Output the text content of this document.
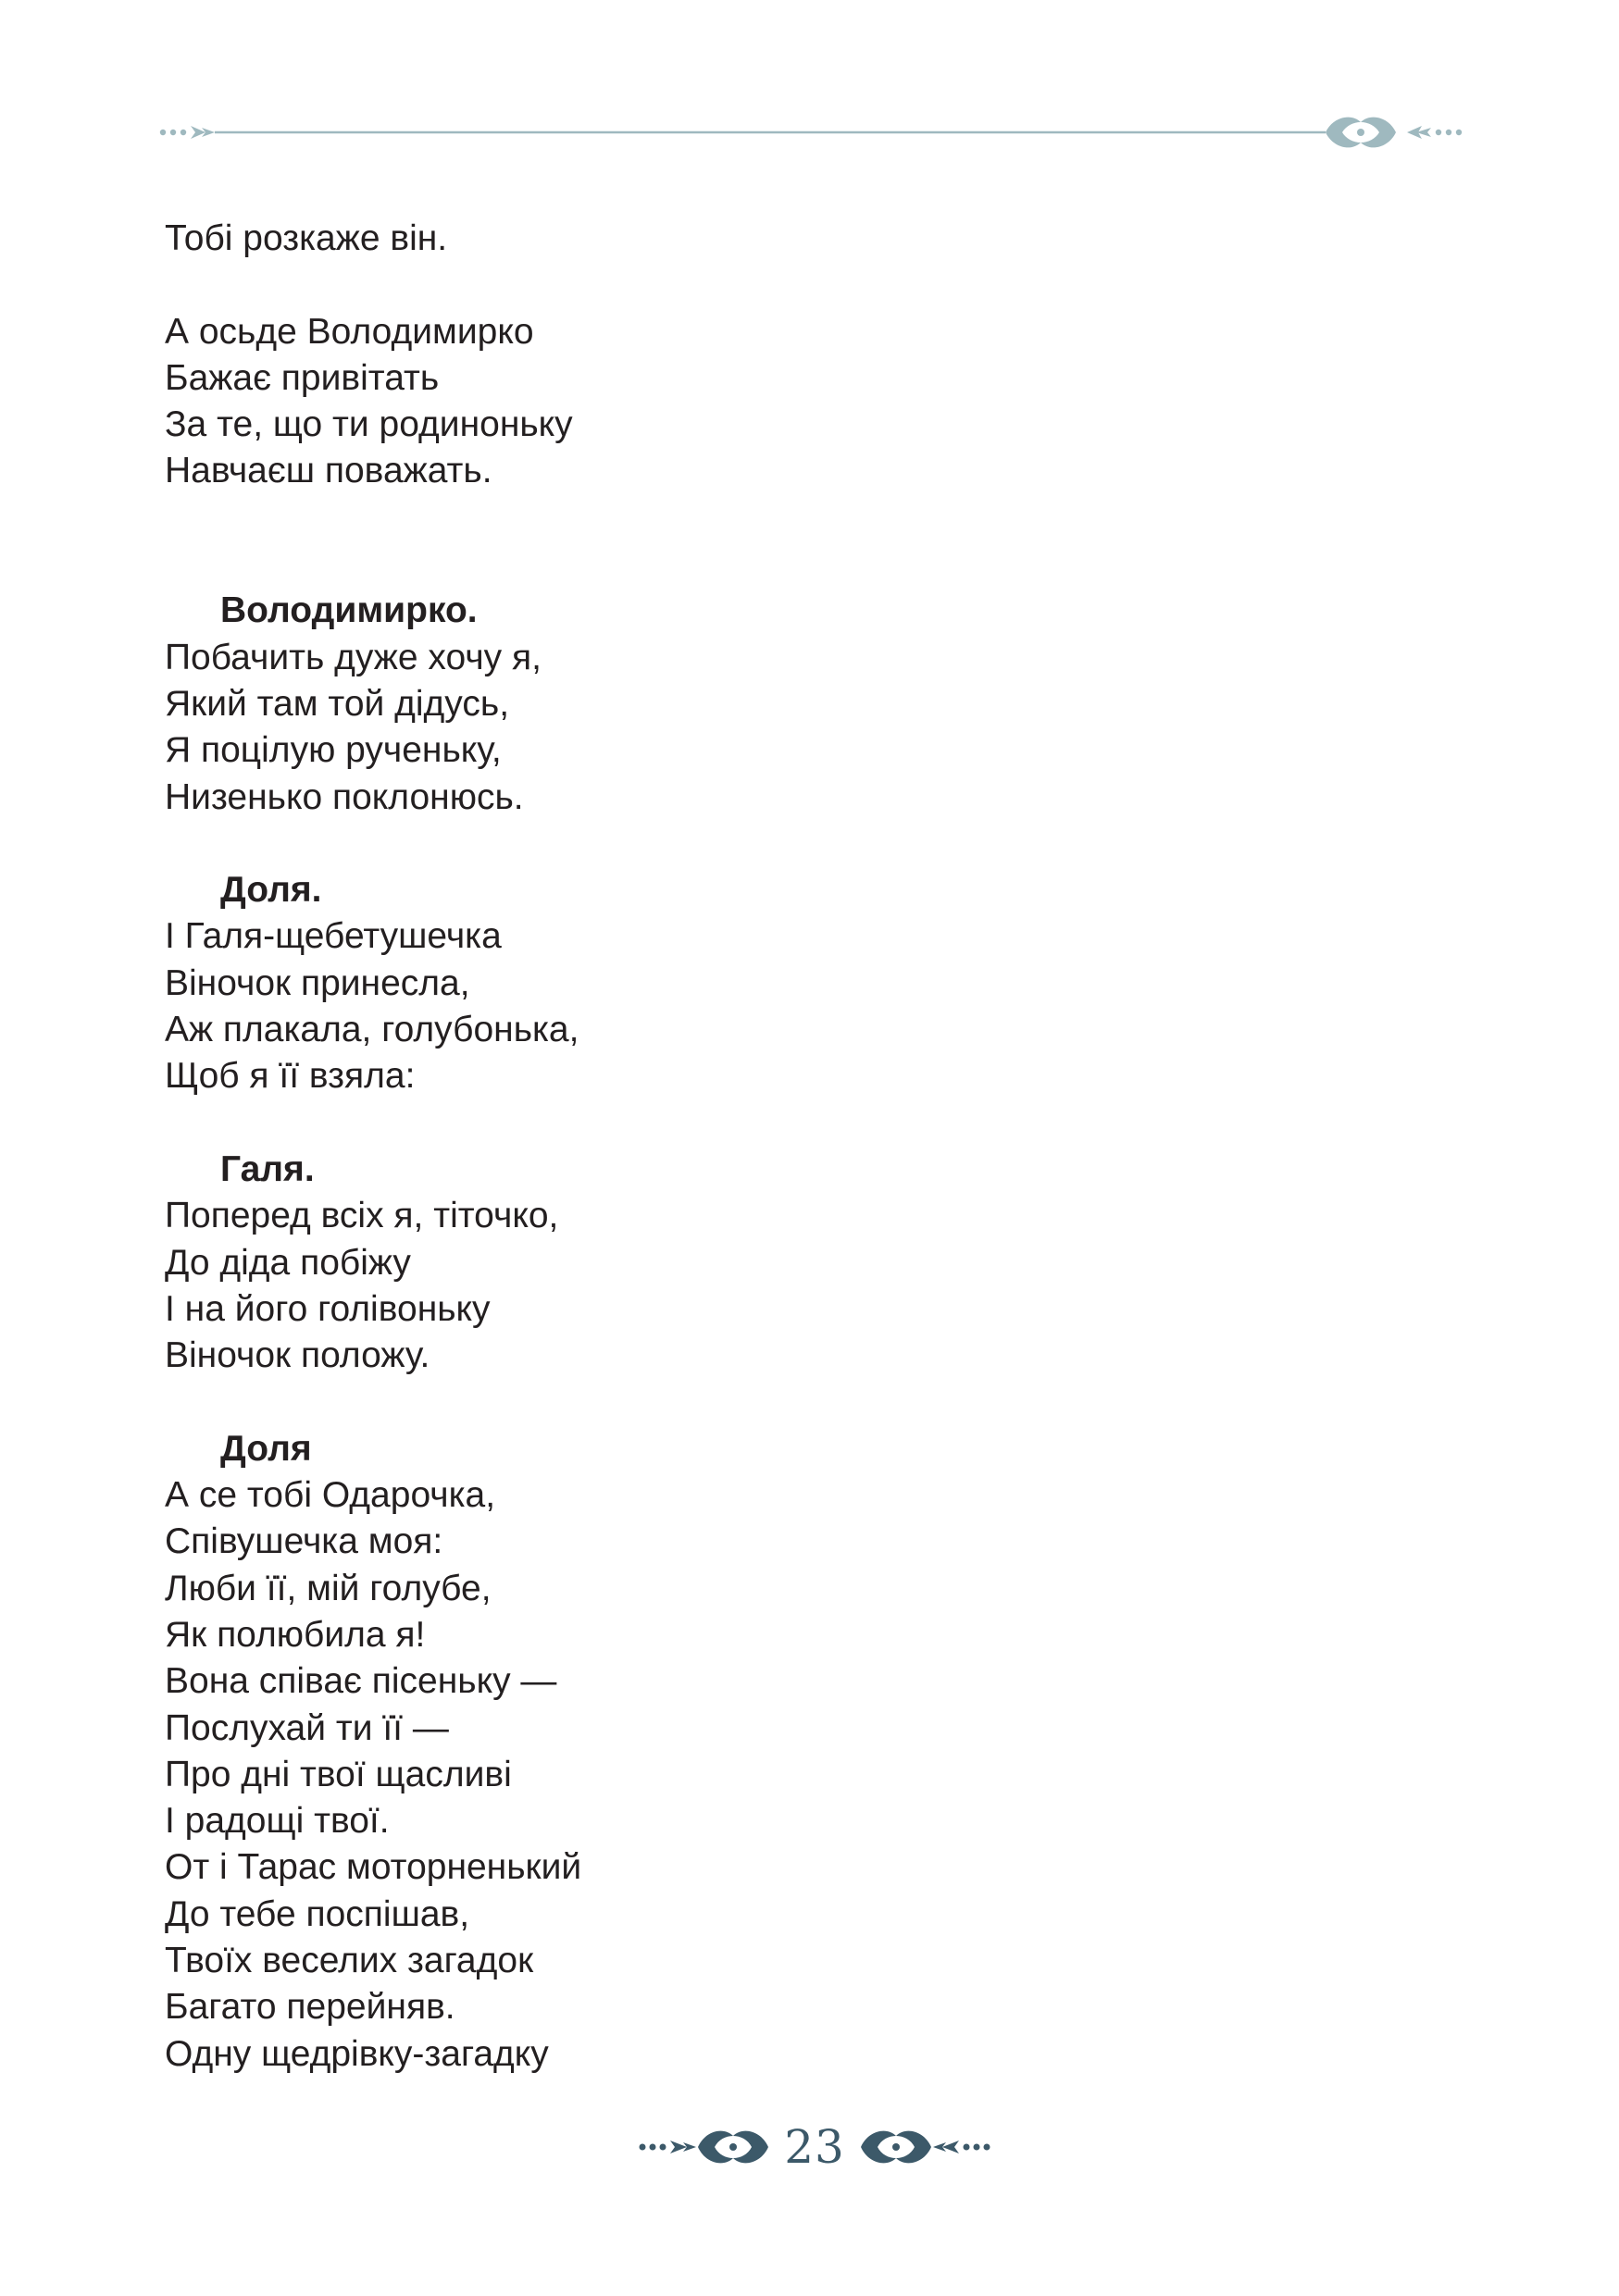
Тобі розкаже він.
А осьде Володимирко
Бажає привітать
За те, що ти родиноньку
Навчаєш поважать.
Володимирко.
Побачить дуже хочу я,
Який там той дідусь,
Я поцілую рученьку,
Низенько поклонюсь.
Доля.
І Галя-щебетушечка
Віночок принесла,
Аж плакала, голубонька,
Щоб я її взяла:
Галя.
Поперед всіх я, тіточко,
До діда побіжу
І на його голівоньку
Віночок положу.
Доля
А се тобі Одарочка,
Співушечка моя:
Люби її, мій голубе,
Як полюбила я!
Вона співає пісеньку —
Послухай ти її —
Про дні твої щасливі
І радощі твої.
От і Тарас моторненький
До тебе поспішав,
Твоїх веселих загадок
Багато перейняв.
Одну щедрівку-загадку
23
